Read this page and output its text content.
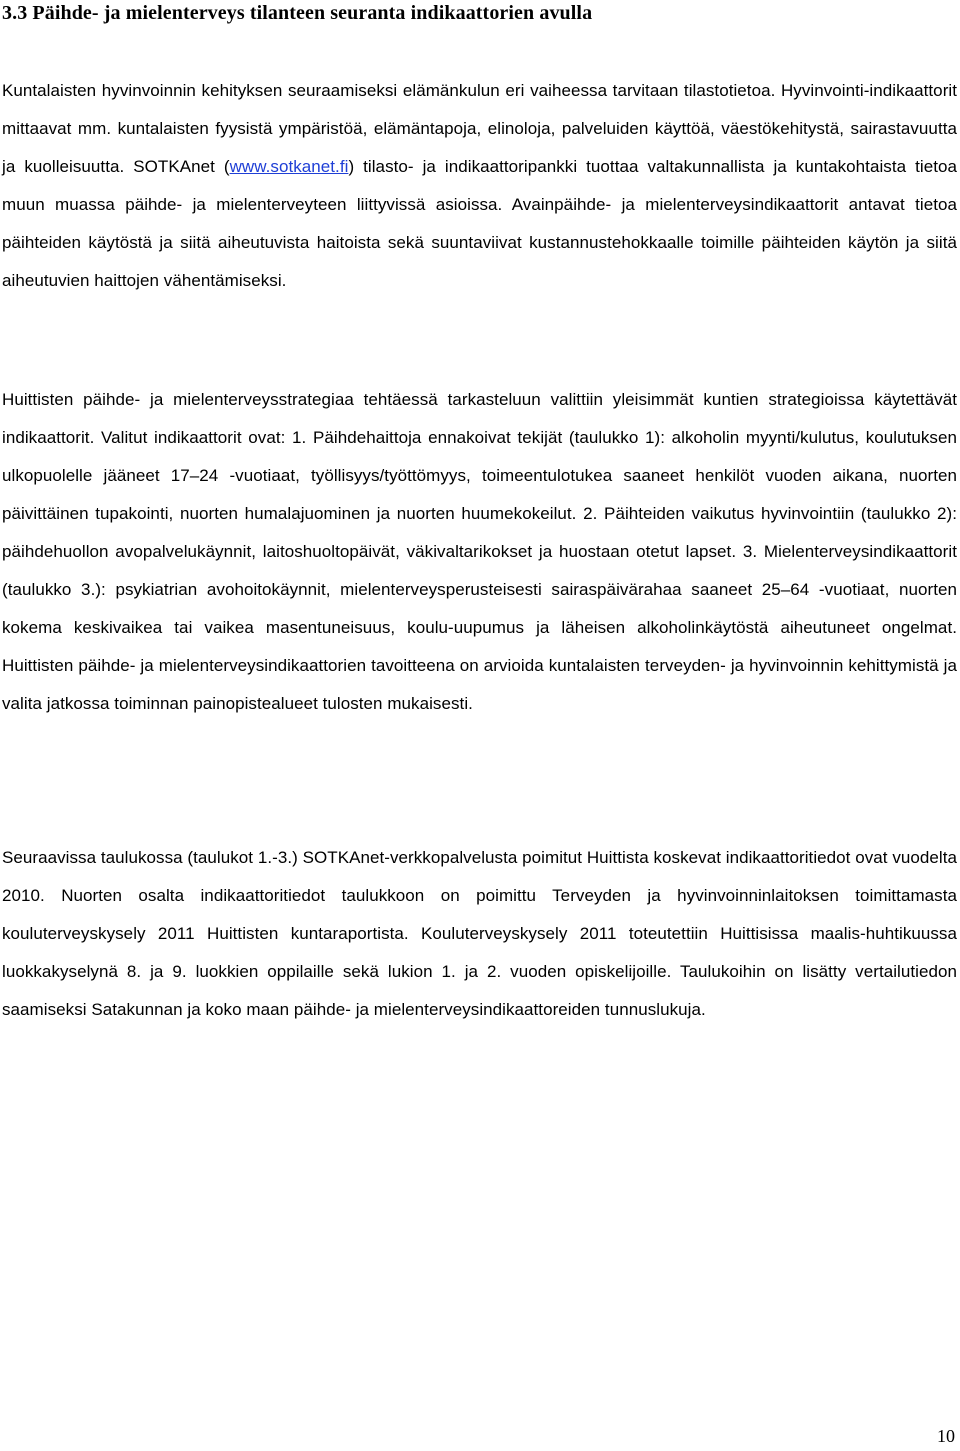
3.3 Päihde- ja mielenterveys tilanteen seuranta indikaattorien avulla

Kuntalaisten hyvinvoinnin kehityksen seuraamiseksi elämänkulun eri vaiheessa tarvitaan tilastotietoa. Hyvinvointi-indikaattorit mittaavat mm. kuntalaisten fyysistä ympäristöä, elämäntapoja, elinoloja, palveluiden käyttöä, väestökehitystä, sairastavuutta ja kuolleisuutta. SOTKAnet (www.sotkanet.fi) tilasto- ja indikaattoripankki tuottaa valtakunnallista ja kuntakohtaista tietoa muun muassa päihde- ja mielenterveyteen liittyvissä asioissa. Avainpäihde- ja mielenterveysindikaattorit antavat tietoa päihteiden käytöstä ja siitä aiheutuvista haitoista sekä suuntaviivat kustannustehokkaalle toimille päihteiden käytön ja siitä aiheutuvien haittojen vähentämiseksi.

Huittisten päihde- ja mielenterveysstrategiaa tehtäessä tarkasteluun valittiin yleisimmät kuntien strategioissa käytettävät indikaattorit. Valitut indikaattorit ovat: 1. Päihdehaittoja ennakoivat tekijät (taulukko 1): alkoholin myynti/kulutus, koulutuksen ulkopuolelle jääneet 17–24 -vuotiaat, työllisyys/työttömyys, toimeentulotukea saaneet henkilöt vuoden aikana, nuorten päivittäinen tupakointi, nuorten humalajuominen ja nuorten huumekokeilut. 2. Päihteiden vaikutus hyvinvointiin (taulukko 2): päihdehuollon avopalvelukäynnit, laitoshuoltopäivät, väkivaltarikokset ja huostaan otetut lapset. 3. Mielenterveysindikaattorit (taulukko 3.): psykiatrian avohoitokäynnit, mielenterveysperusteisesti sairaspäivärahaa saaneet 25–64 -vuotiaat, nuorten kokema keskivaikea tai vaikea masentuneisuus, koulu-uupumus ja läheisen alkoholinkäytöstä aiheutuneet ongelmat. Huittisten päihde- ja mielenterveysindikaattorien tavoitteena on arvioida kuntalaisten terveyden- ja hyvinvoinnin kehittymistä ja valita jatkossa toiminnan painopistealueet tulosten mukaisesti.

Seuraavissa taulukossa (taulukot 1.-3.) SOTKAnet-verkkopalvelusta poimitut Huittista koskevat indikaattoritiedot ovat vuodelta 2010. Nuorten osalta indikaattoritiedot taulukkoon on poimittu Terveyden ja hyvinvoinninlaitoksen toimittamasta kouluterveyskysely 2011 Huittisten kuntaraportista. Kouluterveyskysely 2011 toteutettiin Huittisissa maalis-huhtikuussa luokkakyselynä 8. ja 9. luokkien oppilaille sekä lukion 1. ja 2. vuoden opiskelijoille. Taulukoihin on lisätty vertailutiedon saamiseksi Satakunnan ja koko maan päihde- ja mielenterveysindikaattoreiden tunnuslukuja.

10
